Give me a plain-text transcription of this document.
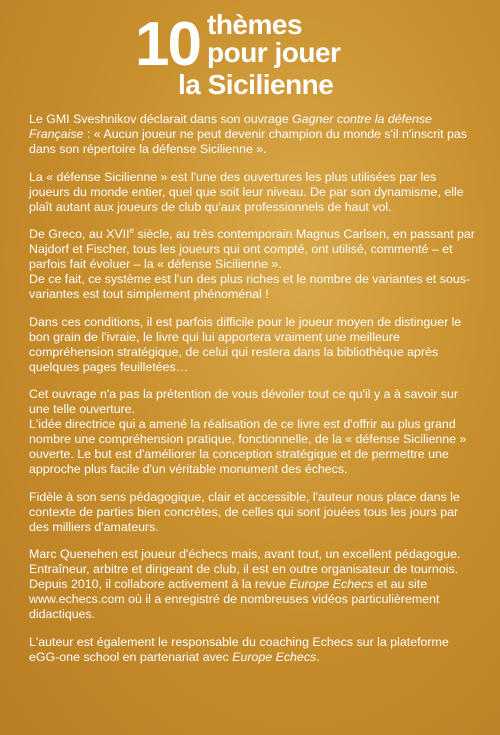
10 thèmes
pour jouer
la Sicilienne

Le GMI Sveshnikov déclarait dans son ouvrage Gagner contre la défense Française : « Aucun joueur ne peut devenir champion du monde s'il n'inscrit pas dans son répertoire la défense Sicilienne ».

La « défense Sicilienne » est l'une des ouvertures les plus utilisées par les joueurs du monde entier, quel que soit leur niveau. De par son dynamisme, elle plaît autant aux joueurs de club qu'aux professionnels de haut vol.

De Greco, au XVIIe siècle, au très contemporain Magnus Carlsen, en passant par Najdorf et Fischer, tous les joueurs qui ont compté, ont utilisé, commenté – et parfois fait évoluer – la « défense Sicilienne ».

De ce fait, ce système est l'un des plus riches et le nombre de variantes et sous-variantes est tout simplement phénoménal !

Dans ces conditions, il est parfois difficile pour le joueur moyen de distinguer le bon grain de l'ivraie, le livre qui lui apportera vraiment une meilleure compréhension stratégique, de celui qui restera dans la bibliothèque après quelques pages feuilletées…

Cet ouvrage n'a pas la prétention de vous dévoiler tout ce qu'il y a à savoir sur une telle ouverture.

L'idée directrice qui a amené la réalisation de ce livre est d'offrir au plus grand nombre une compréhension pratique, fonctionnelle, de la « défense Sicilienne » ouverte. Le but est d'améliorer la conception stratégique et de permettre une approche plus facile d'un véritable monument des échecs.

Fidèle à son sens pédagogique, clair et accessible, l'auteur nous place dans le contexte de parties bien concrètes, de celles qui sont jouées tous les jours par des milliers d'amateurs.

Marc Quenehen est joueur d'échecs mais, avant tout, un excellent pédagogue. Entraîneur, arbitre et dirigeant de club, il est en outre organisateur de tournois. Depuis 2010, il collabore activement à la revue Europe Echecs et au site www.echecs.com où il a enregistré de nombreuses vidéos particulièrement didactiques.

L'auteur est également le responsable du coaching Echecs sur la plateforme eGG-one school en partenariat avec Europe Echecs.
